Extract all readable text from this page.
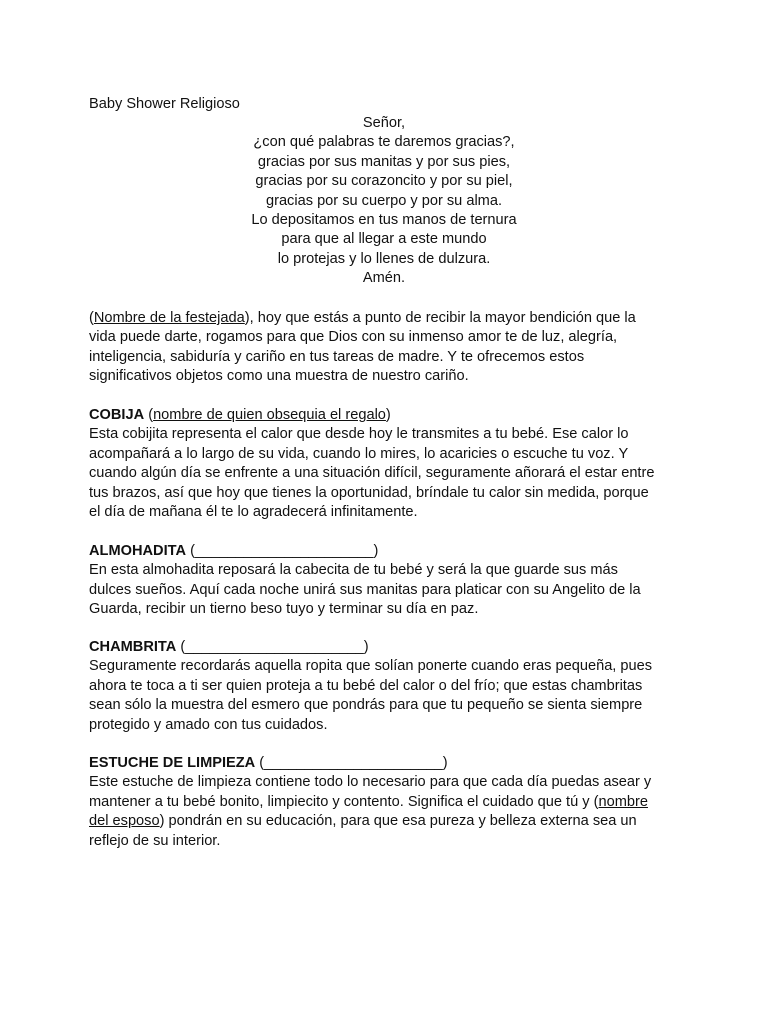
Baby Shower Religioso
Señor,
¿con qué palabras te daremos gracias?,
gracias por sus manitas y por sus pies,
gracias por su corazoncito y por su piel,
gracias por su cuerpo y por su alma.
Lo depositamos en tus manos de ternura
para que al llegar a este mundo
lo protejas y lo llenes de dulzura.
Amén.
(Nombre de la festejada), hoy que estás a punto de recibir la mayor bendición que la
vida puede darte, rogamos para que Dios con su inmenso amor te de luz, alegría,
inteligencia, sabiduría y cariño en tus tareas de madre. Y te ofrecemos estos
significativos objetos como una muestra de nuestro cariño.
COBIJA (nombre de quien obsequia el regalo)
Esta cobijita representa el calor que desde hoy le transmites a tu bebé. Ese calor lo
acompañará a lo largo de su vida, cuando lo mires, lo acaricies o escuche tu voz. Y
cuando algún día se enfrente a una situación difícil, seguramente añorará el estar entre
tus brazos, así que hoy que tienes la oportunidad, bríndale tu calor sin medida, porque
el día de mañana él te lo agradecerá infinitamente.
ALMOHADITA (______________________)
En esta almohadita reposará la cabecita de tu bebé y será la que guarde sus más
dulces sueños. Aquí cada noche unirá sus manitas para platicar con su Angelito de la
Guarda, recibir un tierno beso tuyo y terminar su día en paz.
CHAMBRITA (______________________)
Seguramente recordarás aquella ropita que solían ponerte cuando eras pequeña, pues
ahora te toca a ti ser quien proteja a tu bebé del calor o del frío; que estas chambritas
sean sólo la muestra del esmero que pondrás para que tu pequeño se sienta siempre
protegido y amado con tus cuidados.
ESTUCHE DE LIMPIEZA (______________________)
Este estuche de limpieza contiene todo lo necesario para que cada día puedas asear y
mantener a tu bebé bonito, limpiecito y contento. Significa el cuidado que tú y (nombre
del esposo) pondrán en su educación, para que esa pureza y belleza externa sea un
reflejo de su interior.
